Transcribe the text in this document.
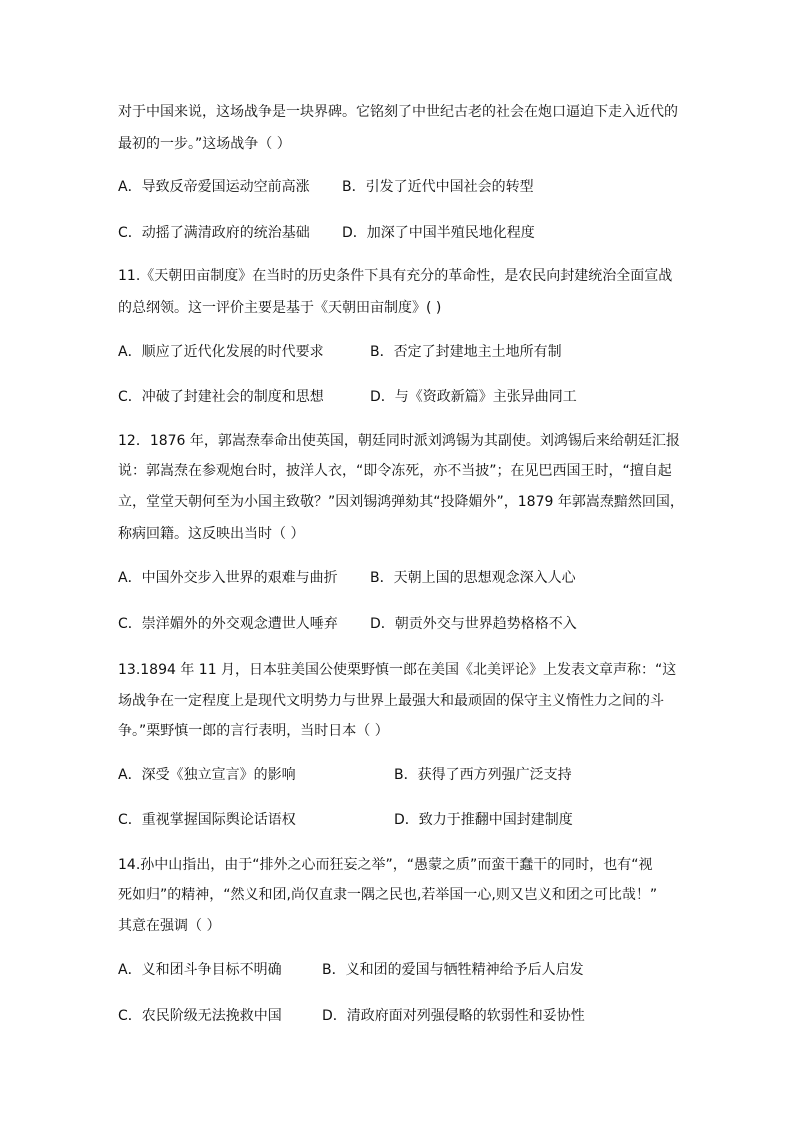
对于中国来说，这场战争是一块界碑。它铭刻了中世纪古老的社会在炮口逼迫下走入近代的
最初的一步。”这场战争（ ）
A．导致反帝爱国运动空前高涨 B．引发了近代中国社会的转型
C．动摇了满清政府的统治基础 D．加深了中国半殖民地化程度
11.《天朝田亩制度》在当时的历史条件下具有充分的革命性，是农民向封建统治全面宣战
的总纲领。这一评价主要是基于《天朝田亩制度》( )
A．顺应了近代化发展的时代要求	B．否定了封建地主土地所有制
C．冲破了封建社会的制度和思想	D．与《资政新篇》主张异曲同工
12．1876 年，郭嵩焘奉命出使英国，朝廷同时派刘鸿锡为其副使。刘鸿锡后来给朝廷汇报
说：郭嵩焘在参观炮台时，披洋人衣，“即令冻死，亦不当披”；在见巴西国王时，“擅自起
立，堂堂天朝何至为小国主致敬？”因刘锡鸿弹劾其“投降媚外”，1879 年郭嵩焘黯然回国，
称病回籍。这反映出当时（ ）
A．中国外交步入世界的艰难与曲折 B．天朝上国的思想观念深入人心
C．崇洋媚外的外交观念遭世人唾弃 D．朝贡外交与世界趋势格格不入
13.1894 年 11 月，日本驻美国公使栗野慎一郎在美国《北美评论》上发表文章声称：“这
场战争在一定程度上是现代文明势力与世界上最强大和最顽固的保守主义惰性力之间的斗
争。”栗野慎一郎的言行表明，当时日本（ ）
A．深受《独立宣言》的影响	B．获得了西方列强广泛支持
C．重视掌握国际舆论话语权	D．致力于推翻中国封建制度
14.孙中山指出，由于“排外之心而狂妄之举”，“愚蒙之质”而蛮干蠢干的同时，也有“视
死如归”的精神，“然义和团,尚仅直隶一隅之民也,若举国一心,则又岂义和团之可比哉！”
其意在强调（ ）
A．义和团斗争目标不明确	B．义和团的爱国与牺牲精神给予后人启发
C．农民阶级无法挽救中国	D．清政府面对列强侵略的软弱性和妥协性
